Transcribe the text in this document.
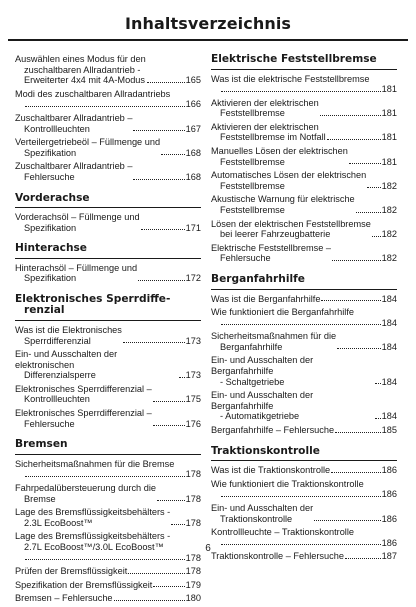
Inhaltsverzeichnis
Auswählen eines Modus für den
zuschaltbaren Allradantrieb -
Erweiterter 4x4 mit 4A-Modus	165
Modi des zuschaltbaren Allradantriebs
166
Zuschaltbarer Allradantrieb –
Kontrollleuchten	167
Verteilergetriebeöl – Füllmenge und
Spezifikation	168
Zuschaltbarer Allradantrieb –
Fehlersuche	168
Vorderachse
Vorderachsöl – Füllmenge und
Spezifikation	171
Hinterachse
Hinterachsöl – Füllmenge und
Spezifikation	172
Elektronisches Sperrdiffe-
renzial
Was ist die Elektronisches
Sperrdifferenzial	173
Ein- und Ausschalten der elektronischen
Differenzialsperre	173
Elektronisches Sperrdifferenzial –
Kontrollleuchten	175
Elektronisches Sperrdifferenzial –
Fehlersuche	176
Bremsen
Sicherheitsmaßnahmen für die Bremse
178
Fahrpedalübersteuerung durch die
Bremse	178
Lage des Bremsflüssigkeitsbehälters -
2.3L EcoBoost™	178
Lage des Bremsflüssigkeitsbehälters -
2.7L EcoBoost™/3.0L EcoBoost™
178
Prüfen der Bremsflüssigkeit	178
Spezifikation der Bremsflüssigkeit	179
Bremsen – Fehlersuche	180
Elektrische Feststellbremse
Was ist die elektrische Feststellbremse
181
Aktivieren der elektrischen
Feststellbremse	181
Aktivieren der elektrischen
Feststellbremse im Notfall	181
Manuelles Lösen der elektrischen
Feststellbremse	181
Automatisches Lösen der elektrischen
Feststellbremse	182
Akustische Warnung für elektrische
Feststellbremse	182
Lösen der elektrischen Feststellbremse
bei leerer Fahrzeugbatterie	182
Elektrische Feststellbremse –
Fehlersuche	182
Berganfahrhilfe
Was ist die Berganfahrhilfe	184
Wie funktioniert die Berganfahrhilfe
184
Sicherheitsmaßnahmen für die
Berganfahrhilfe	184
Ein- und Ausschalten der Berganfahrhilfe
- Schaltgetriebe	184
Ein- und Ausschalten der Berganfahrhilfe
- Automatikgetriebe	184
Berganfahrhilfe – Fehlersuche	185
Traktionskontrolle
Was ist die Traktionskontrolle	186
Wie funktioniert die Traktionskontrolle
186
Ein- und Ausschalten der
Traktionskontrolle	186
Kontrollleuchte – Traktionskontrolle
186
Traktionskontrolle – Fehlersuche	187
6
